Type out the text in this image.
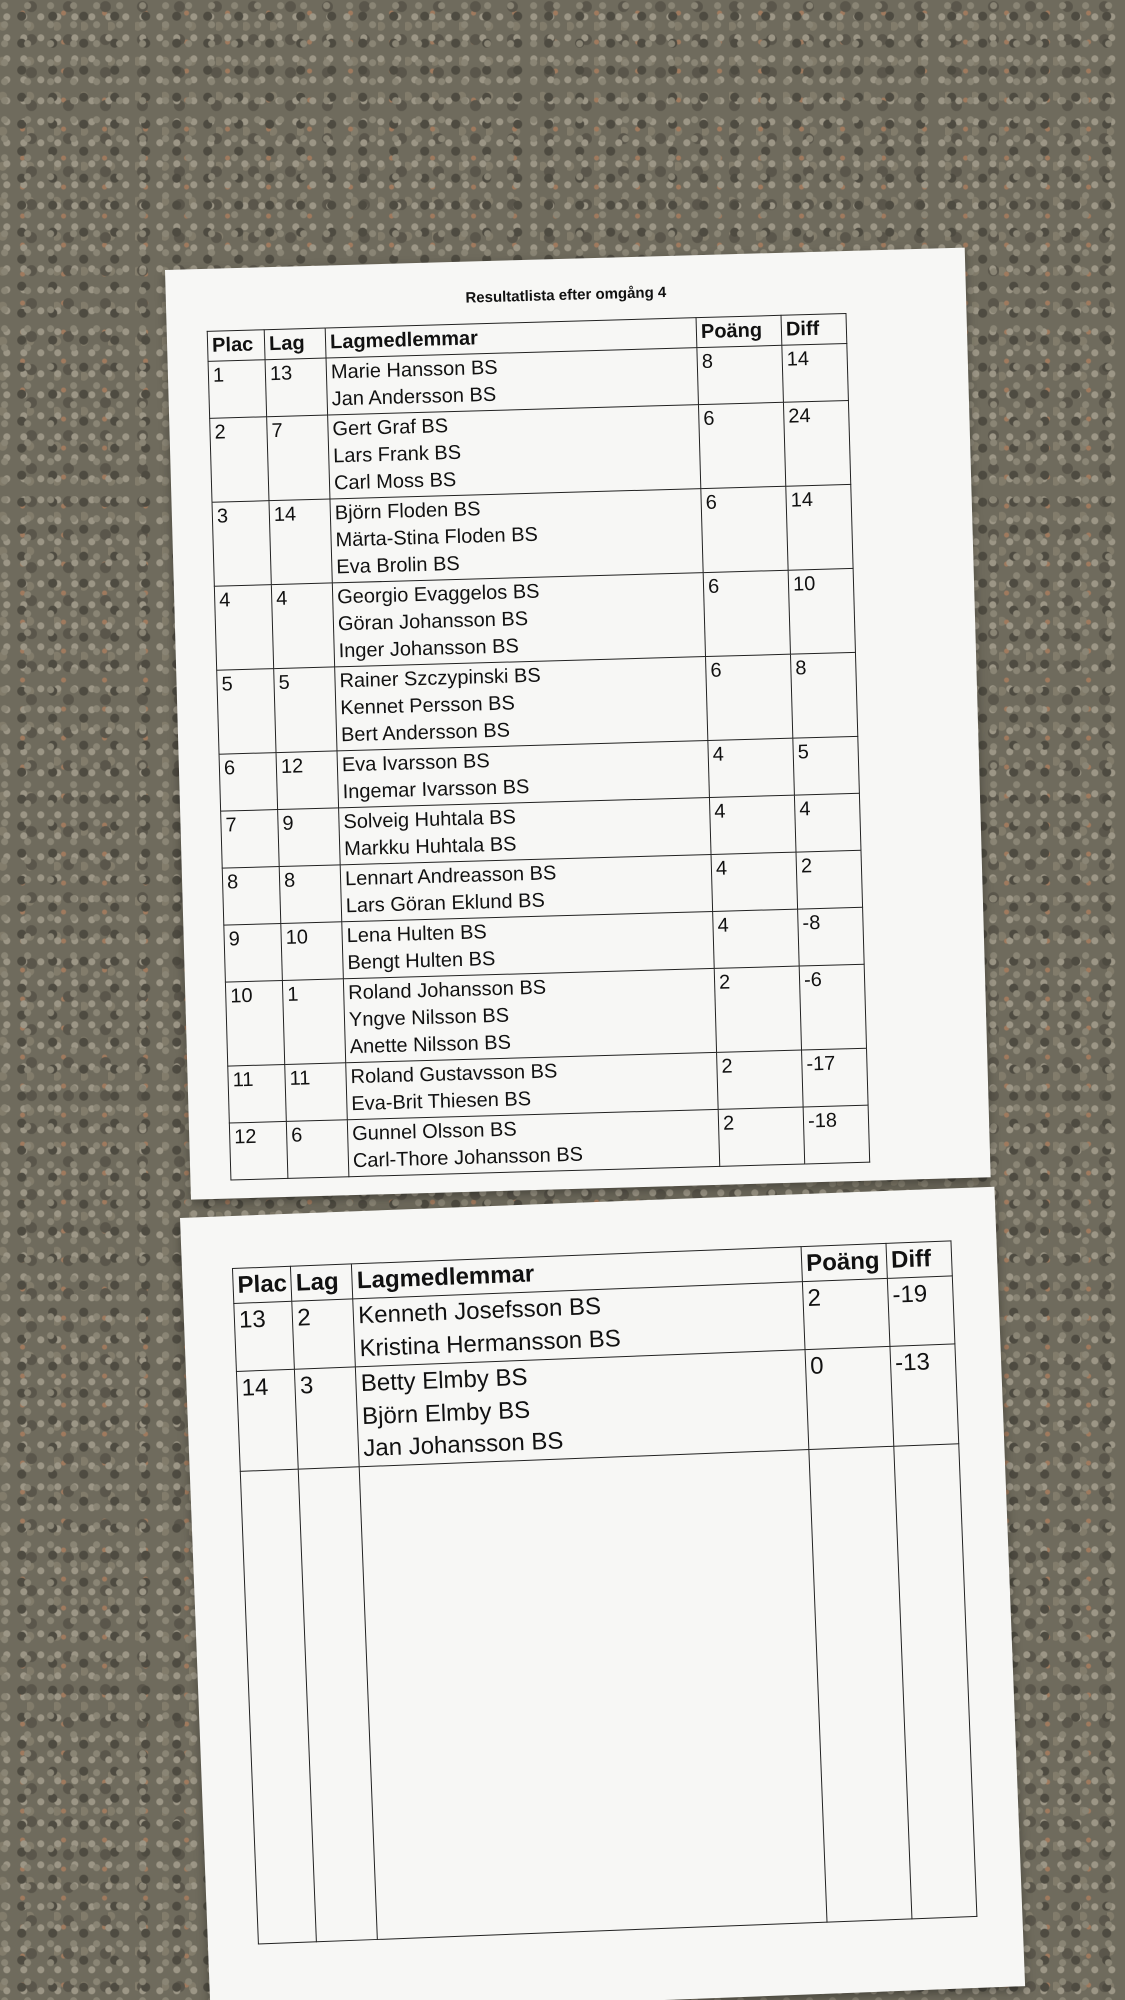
Resultatlista efter omgång 4
Plac	Lag	Lagmedlemmar	Poäng	Diff
1	13	Marie Hansson BS
Jan Andersson BS	8	14
2	7	Gert Graf BS
Lars Frank BS
Carl Moss BS	6	24
3	14	Björn Floden BS
Märta-Stina Floden BS
Eva Brolin BS	6	14
4	4	Georgio Evaggelos BS
Göran Johansson BS
Inger Johansson BS	6	10
5	5	Rainer Szczypinski BS
Kennet Persson BS
Bert Andersson BS	6	8
6	12	Eva Ivarsson BS
Ingemar Ivarsson BS	4	5
7	9	Solveig Huhtala BS
Markku Huhtala BS	4	4
8	8	Lennart Andreasson BS
Lars Göran Eklund BS	4	2
9	10	Lena Hulten BS
Bengt Hulten BS	4	-8
10	1	Roland Johansson BS
Yngve Nilsson BS
Anette Nilsson BS	2	-6
11	11	Roland Gustavsson BS
Eva-Brit Thiesen BS	2	-17
12	6	Gunnel Olsson BS
Carl-Thore Johansson BS	2	-18
Plac	Lag	Lagmedlemmar	Poäng	Diff
13	2	Kenneth Josefsson BS
Kristina Hermansson BS	2	-19
14	3	Betty Elmby BS
Björn Elmby BS
Jan Johansson BS	0	-13
